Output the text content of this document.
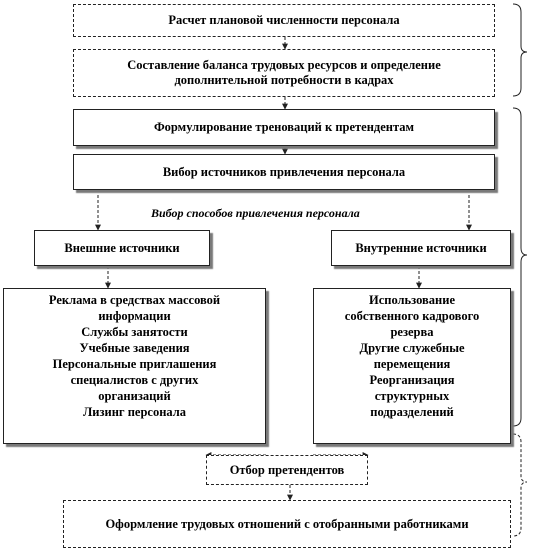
Расчет плановой численности персонала
Составление баланса трудовых ресурсов и определение дополнительной потребности в кадрах
Формулирование треноваций к претендентам
Вибор источников привлечения персонала
Вибор способов привлечения персонала
Внешние источники	Внутренние источники
Реклама в средствах массовой
информации
Службы занятости
Учебные заведения
Персональные приглашения
специалистов с других
организаций
Лизинг персонала
Использование
собственного кадрового
резерва
Другие служебные
перемещения
Реорганизация
структурных
подразделений
Отбор претендентов
Оформление трудовых отношений с отобранными работниками
